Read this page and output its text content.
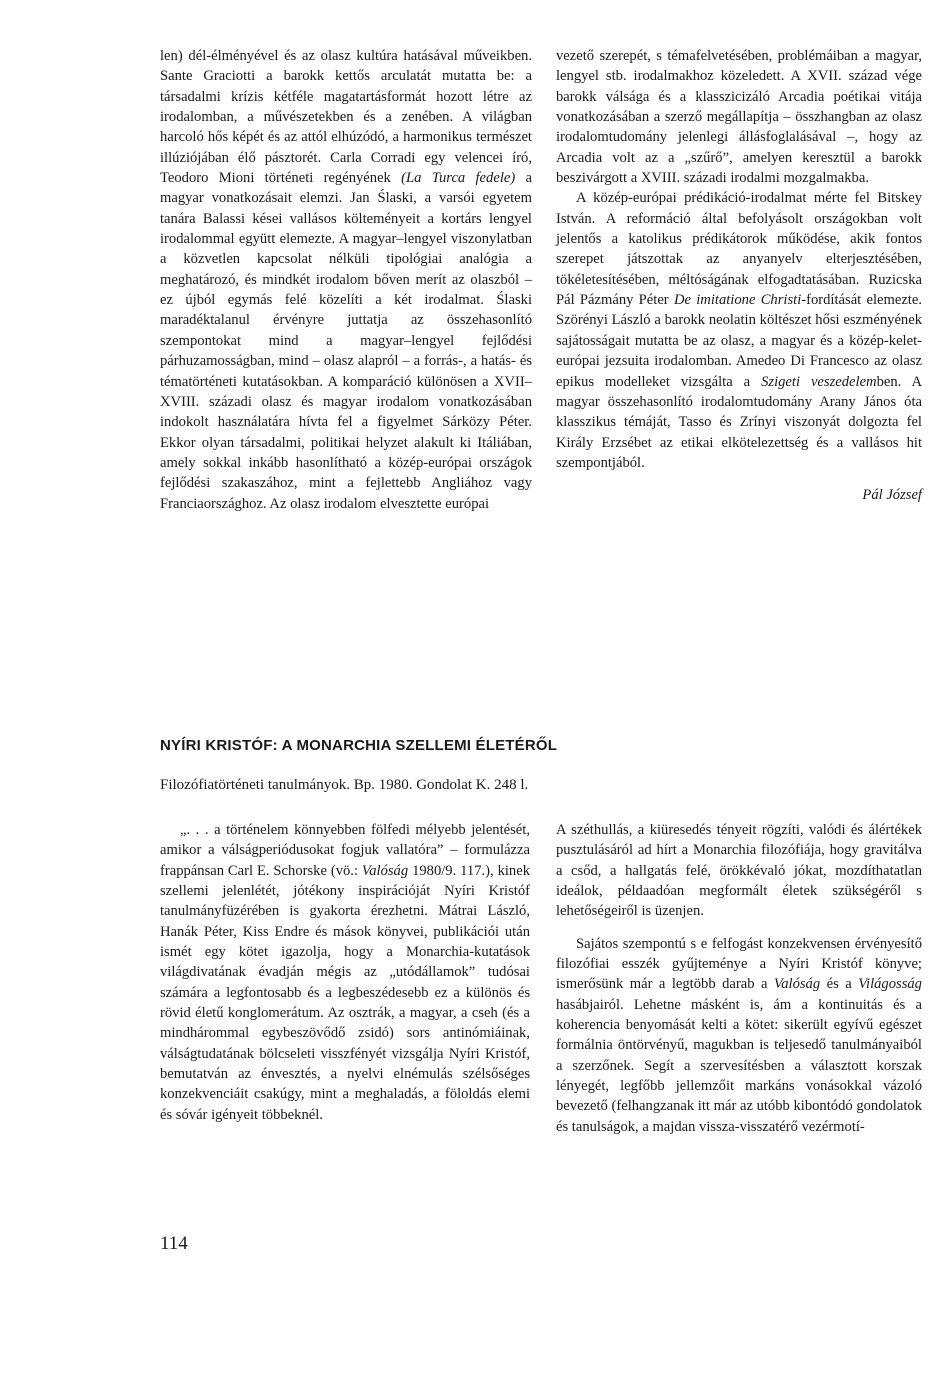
len) dél-élményével és az olasz kultúra hatásával műveikben. Sante Graciotti a barokk kettős arculatát mutatta be: a társadalmi krízis kétféle magatartásformát hozott létre az irodalomban, a művészetekben és a zenében. A világban harcoló hős képét és az attól elhúzódó, a harmonikus természet illúziójában élő pásztorét. Carla Corradi egy velencei író, Teodoro Mioni történeti regényének (La Turca fedele) a magyar vonatkozásait elemzi. Jan Ślaski, a varsói egyetem tanára Balassi kései vallásos költeményeit a kortárs lengyel irodalommal együtt elemezte. A magyar–lengyel viszonylatban a közvetlen kapcsolat nélküli tipológiai analógia a meghatározó, és mindkét irodalom bőven merít az olaszból – ez újból egymás felé közelíti a két irodalmat. Ślaski maradéktalanul érvényre juttatja az összehasonlító szempontokat mind a magyar–lengyel fejlődési párhuzamosságban, mind – olasz alapról – a forrás-, a hatás- és tématörténeti kutatásokban. A komparáció különösen a XVII–XVIII. századi olasz és magyar irodalom vonatkozásában indokolt használatára hívta fel a figyelmet Sárközy Péter. Ekkor olyan társadalmi, politikai helyzet alakult ki Itáliában, amely sokkal inkább hasonlítható a közép-európai országok fejlődési szakaszához, mint a fejlettebb Angliához vagy Franciaországhoz. Az olasz irodalom elvesztette európai

vezető szerepét, s témafelvetésében, problémáiban a magyar, lengyel stb. irodalmakhoz közeledett. A XVII. század vége barokk válsága és a klasszicizáló Arcadia poétikai vitája vonatkozásában a szerző megállapítja – összhangban az olasz irodalomtudomány jelenlegi állásfoglalásával –, hogy az Arcadia volt az a „szűrő”, amelyen keresztül a barokk beszivárgott a XVIII. századi irodalmi mozgalmakba.

A közép-európai prédikáció-irodalmat mérte fel Bitskey István. A reformáció által befolyásolt országokban volt jelentős a katolikus prédikátorok működése, akik fontos szerepet játszottak az anyanyelv elterjesztésében, tökéletesítésében, méltóságának elfogadtatásában. Ruzicska Pál Pázmány Péter De imitatione Christi-fordítását elemezte. Szörényi László a barokk neolatin költészet hősi eszményének sajátosságait mutatta be az olasz, a magyar és a közép-kelet-európai jezsuita irodalomban. Amedeo Di Francesco az olasz epikus modelleket vizsgálta a Szigeti veszedelemben. A magyar összehasonlító irodalomtudomány Arany János óta klasszikus témáját, Tasso és Zrínyi viszonyát dolgozta fel Király Erzsébet az etikai elkötelezettség és a vallásos hit szempontjából.

Pál József

NYÍRI KRISTÓF: A MONARCHIA SZELLEMI ÉLETÉRŐL
Filozófiatörténeti tanulmányok. Bp. 1980. Gondolat K. 248 l.

„. . . a történelem könnyebben fölfedi mélyebb jelentését, amikor a válságperiódusokat fogjuk vallatóra” – formulázza frappánsan Carl E. Schorske (vö.: Valóság 1980/9. 117.), kinek szellemi jelenlétét, jótékony inspirációját Nyíri Kristóf tanulmányfüzérében is gyakorta érezhetni. Mátrai László, Hanák Péter, Kiss Endre és mások könyvei, publikációi után ismét egy kötet igazolja, hogy a Monarchia-kutatások világdivatának évadján mégis az „utódállamok” tudósai számára a legfontosabb és a legbeszédesebb ez a különös és rövid életű konglomerátum. Az osztrák, a magyar, a cseh (és a mindhárommal egybeszövődő zsidó) sors antinómiáinak, válságtudatának bölcseleti visszfényét vizsgálja Nyíri Kristóf, bemutatván az énvesztés, a nyelvi elnémulás szélsőséges konzekvenciáit csakúgy, mint a meghaladás, a föloldás elemi és sóvár igényeit többeknél.

A széthullás, a kiüresedés tényeit rögzíti, valódi és álértékek pusztulásáról ad hírt a Monarchia filozófiája, hogy gravitálva a csőd, a hallgatás felé, örökkévaló jókat, mozdíthatatlan ideálok, példaadóan megformált életek szükségéről s lehetőségeiről is üzenjen.

Sajátos szempontú s e felfogást konzekvensen érvényesítő filozófiai esszék gyűjteménye a Nyíri Kristóf könyve; ismerősünk már a legtöbb darab a Valóság és a Világosság hasábjairól. Lehetne másként is, ám a kontinuitás és a koherencia benyomását kelti a kötet: sikerült egyívű egészet formálnia öntörvényű, magukban is teljesedő tanulmányaiból a szerzőnek. Segít a szervesítésben a választott korszak lényegét, legfőbb jellemzőit markáns vonásokkal vázoló bevezető (felhangzanak itt már az utóbb kibontódó gondolatok és tanulságok, a majdan vissza-visszatérő vezérmotí-

114
